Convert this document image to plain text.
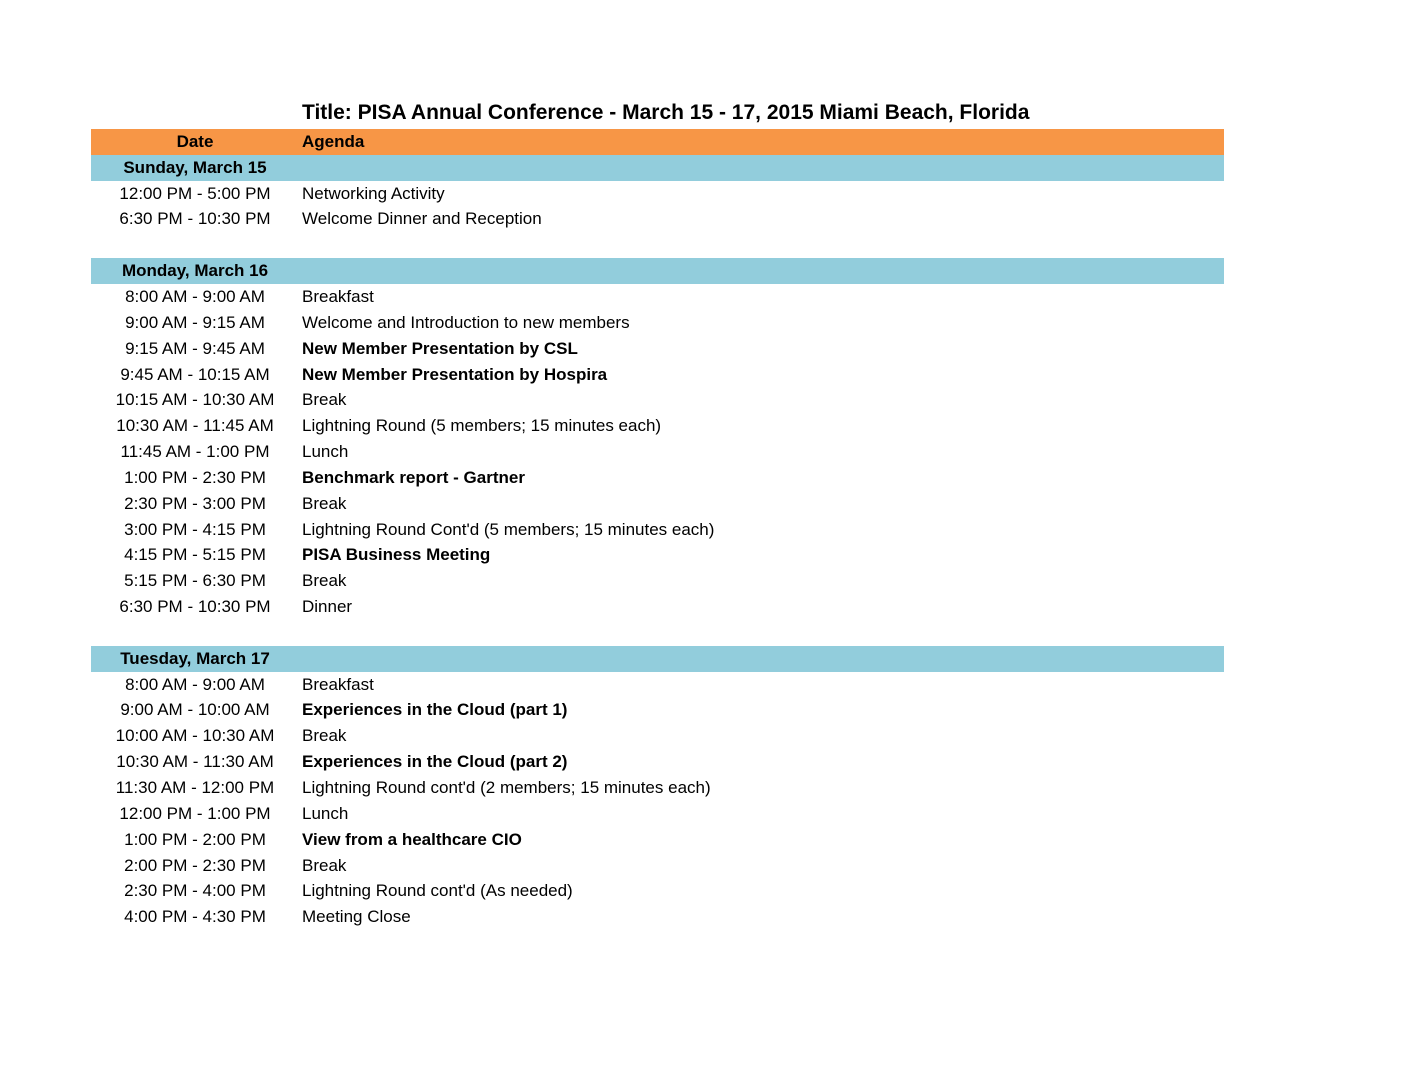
Title: PISA Annual Conference - March 15 - 17, 2015 Miami Beach, Florida
Date	Agenda
Sunday, March 15
12:00 PM - 5:00 PM	Networking Activity
6:30 PM - 10:30 PM	Welcome Dinner and Reception
Monday, March 16
8:00 AM - 9:00 AM	Breakfast
9:00 AM - 9:15 AM	Welcome and Introduction to new members
9:15 AM - 9:45 AM	New Member Presentation by CSL
9:45 AM - 10:15 AM	New Member Presentation by Hospira
10:15 AM - 10:30 AM	Break
10:30 AM - 11:45 AM	Lightning Round (5 members; 15 minutes each)
11:45 AM - 1:00 PM	Lunch
1:00 PM - 2:30 PM	Benchmark report - Gartner
2:30 PM - 3:00 PM	Break
3:00 PM - 4:15 PM	Lightning Round Cont'd (5 members; 15 minutes each)
4:15 PM - 5:15 PM	PISA Business Meeting
5:15 PM - 6:30 PM	Break
6:30 PM - 10:30 PM	Dinner
Tuesday, March 17
8:00 AM - 9:00 AM	Breakfast
9:00 AM - 10:00 AM	Experiences in the Cloud (part 1)
10:00 AM - 10:30 AM	Break
10:30 AM - 11:30 AM	Experiences in the Cloud (part 2)
11:30 AM - 12:00 PM	Lightning Round cont'd (2 members; 15 minutes each)
12:00 PM - 1:00 PM	Lunch
1:00 PM - 2:00 PM	View from a healthcare CIO
2:00 PM - 2:30 PM	Break
2:30 PM - 4:00 PM	Lightning Round cont'd (As needed)
4:00 PM - 4:30 PM	Meeting Close
